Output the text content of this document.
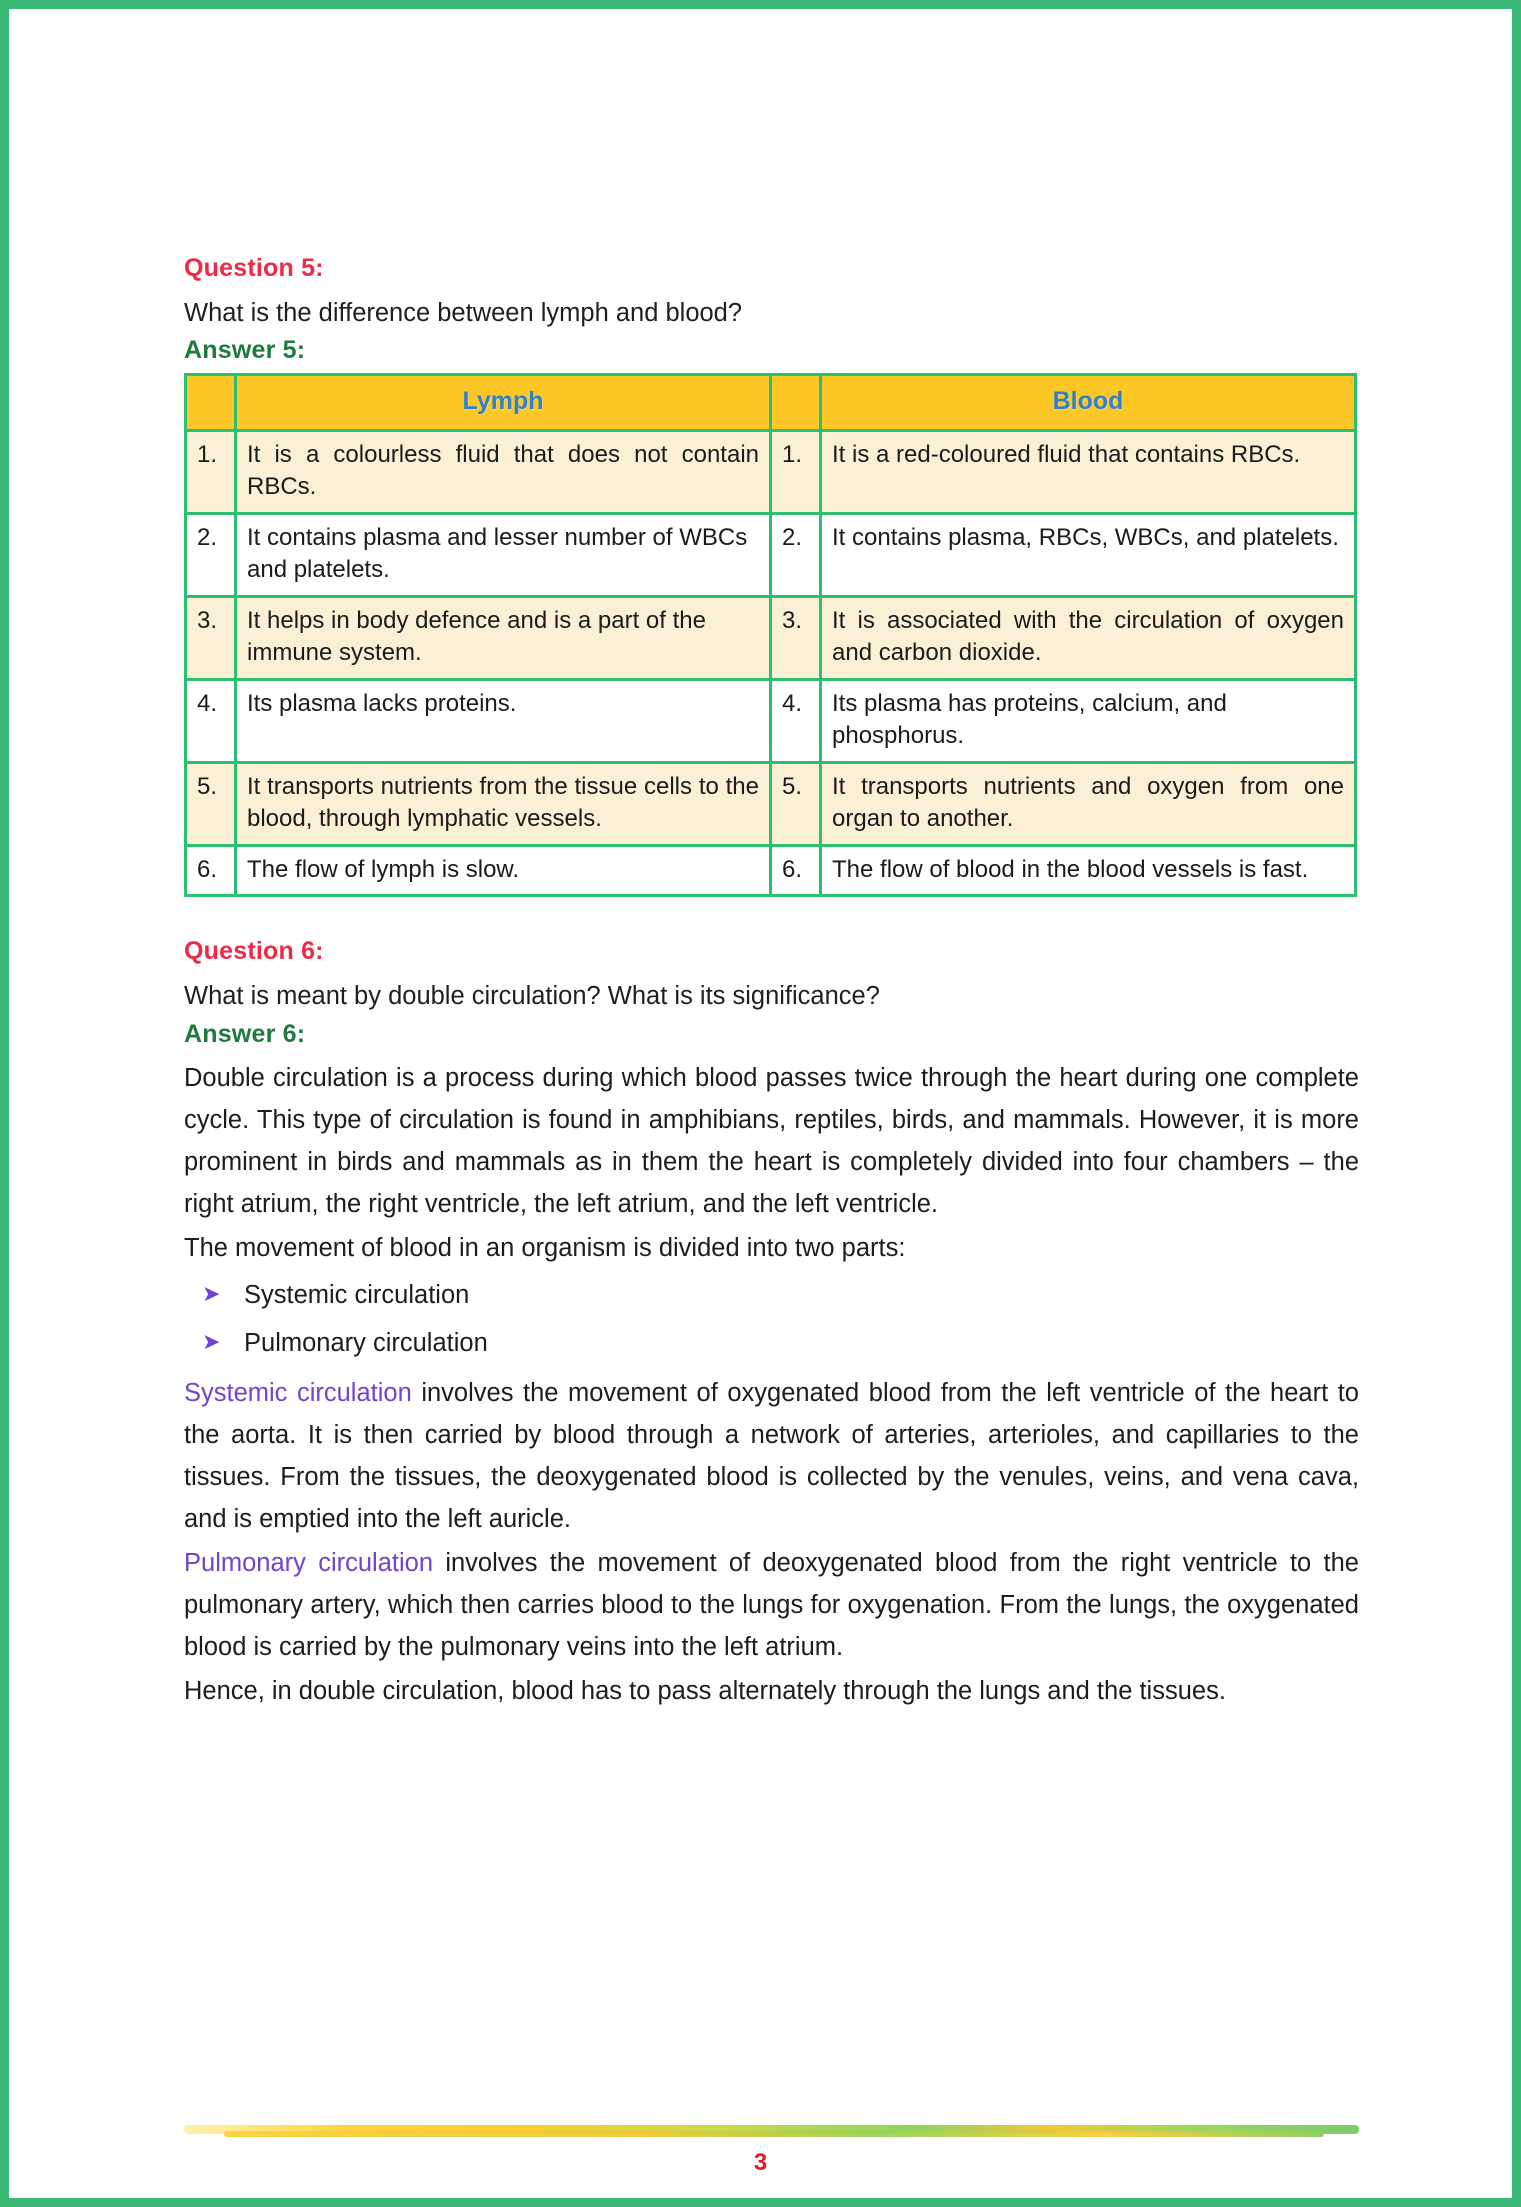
Question 5:
What is the difference between lymph and blood?
Answer 5:
	Lymph		Blood
1.	It is a colourless fluid that does not contain RBCs.	1.	It is a red-coloured fluid that contains RBCs.
2.	It contains plasma and lesser number of WBCs and platelets.	2.	It contains plasma, RBCs, WBCs, and platelets.
3.	It helps in body defence and is a part of the immune system.	3.	It is associated with the circulation of oxygen and carbon dioxide.
4.	Its plasma lacks proteins.	4.	Its plasma has proteins, calcium, and phosphorus.
5.	It transports nutrients from the tissue cells to the blood, through lymphatic vessels.	5.	It transports nutrients and oxygen from one organ to another.
6.	The flow of lymph is slow.	6.	The flow of blood in the blood vessels is fast.
Question 6:
What is meant by double circulation? What is its significance?
Answer 6:

Double circulation is a process during which blood passes twice through the heart during one complete cycle. This type of circulation is found in amphibians, reptiles, birds, and mammals. However, it is more prominent in birds and mammals as in them the heart is completely divided into four chambers – the right atrium, the right ventricle, the left atrium, and the left ventricle.

The movement of blood in an organism is divided into two parts:

➤ Systemic circulation
➤ Pulmonary circulation

Systemic circulation involves the movement of oxygenated blood from the left ventricle of the heart to the aorta. It is then carried by blood through a network of arteries, arterioles, and capillaries to the tissues. From the tissues, the deoxygenated blood is collected by the venules, veins, and vena cava, and is emptied into the left auricle.

Pulmonary circulation involves the movement of deoxygenated blood from the right ventricle to the pulmonary artery, which then carries blood to the lungs for oxygenation. From the lungs, the oxygenated blood is carried by the pulmonary veins into the left atrium.

Hence, in double circulation, blood has to pass alternately through the lungs and the tissues.

3
